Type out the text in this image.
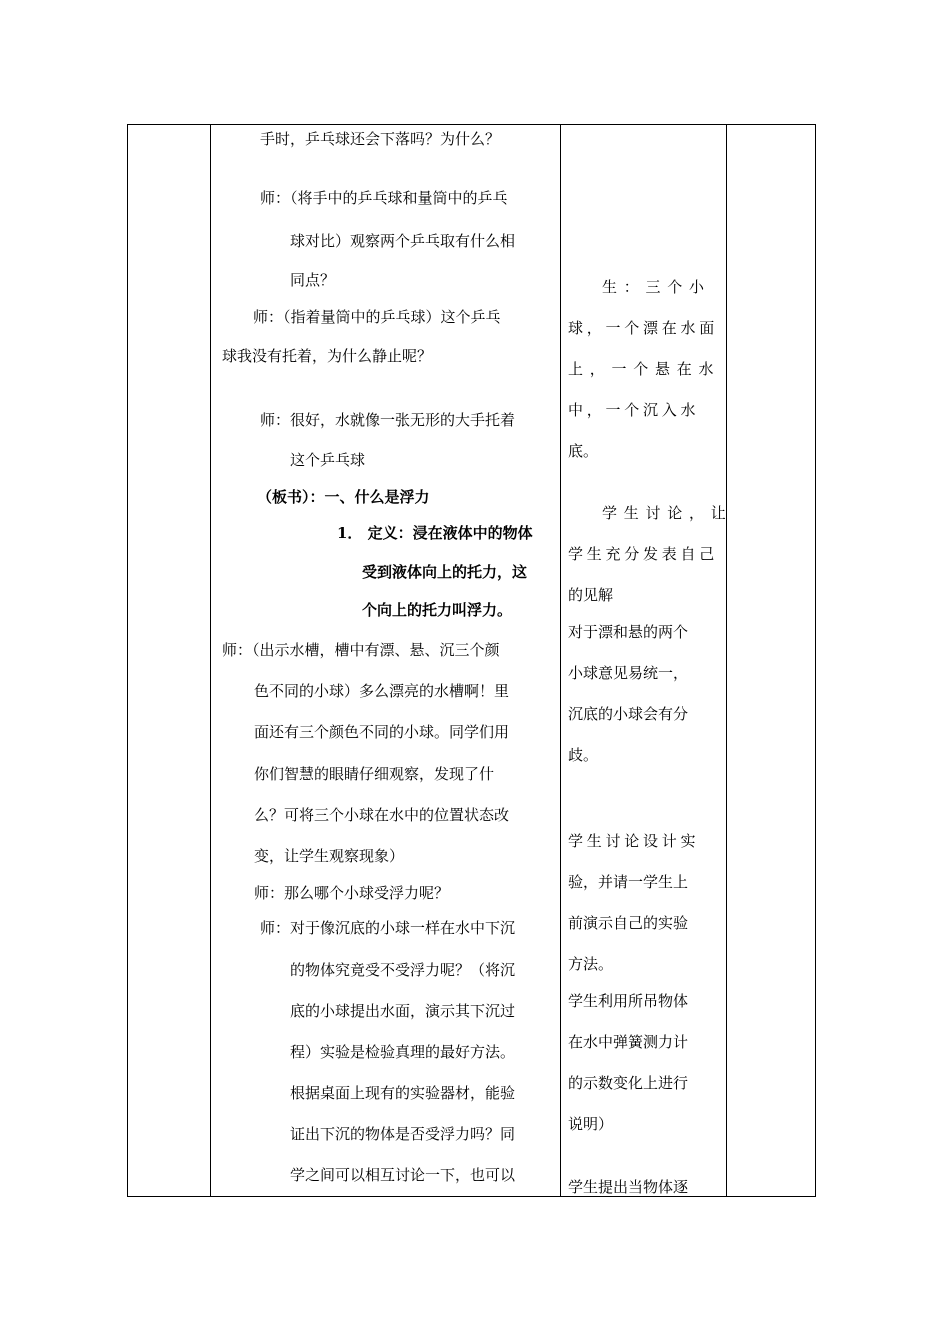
手时，乒乓球还会下落吗？为什么？
师：（将手中的乒乓球和量筒中的乒乓
球对比）观察两个乒乓取有什么相
同点？
师：（指着量筒中的乒乓球）这个乒乓
球我没有托着，为什么静止呢？
师：很好，水就像一张无形的大手托着
这个乒乓球
（板书）：一、什么是浮力
1． 定义：浸在液体中的物体
受到液体向上的托力，这
个向上的托力叫浮力。
师：（出示水槽，槽中有漂、悬、沉三个颜
色不同的小球）多么漂亮的水槽啊！里
面还有三个颜色不同的小球。同学们用
你们智慧的眼睛仔细观察，发现了什
么？可将三个小球在水中的位置状态改
变，让学生观察现象）
师：那么哪个小球受浮力呢？
师：对于像沉底的小球一样在水中下沉
的物体究竟受不受浮力呢？（将沉
底的小球提出水面，演示其下沉过
程）实验是检验真理的最好方法。
根据桌面上现有的实验器材，能验
证出下沉的物体是否受浮力吗？同
学之间可以相互讨论一下，也可以
生：三个小
球，一个漂在水面
上，一个悬在水
中，一个沉入水
底。
学生讨论，让
学生充分发表自己
的见解
对于漂和悬的两个
小球意见易统一，
沉底的小球会有分
歧。
学生讨论设计实
验，并请一学生上
前演示自己的实验
方法。
学生利用所吊物体
在水中弹簧测力计
的示数变化上进行
说明）
学生提出当物体逐
